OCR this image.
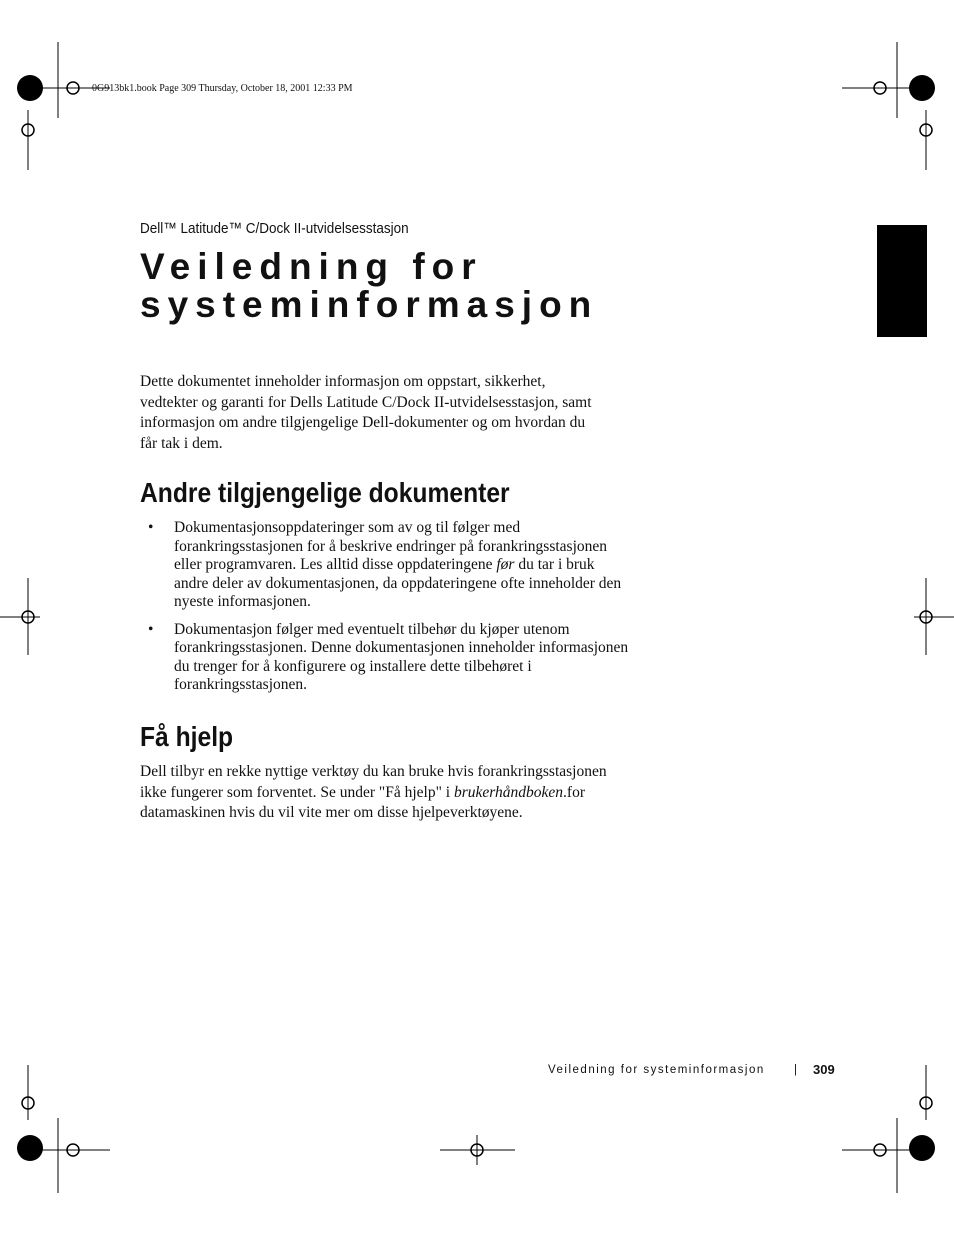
0G913bk1.book Page 309 Thursday, October 18, 2001 12:33 PM
Dell™ Latitude™ C/Dock II-utvidelsesstasjon
Veiledning for
systeminformasjon

Dette dokumentet inneholder informasjon om oppstart, sikkerhet, vedtekter og garanti for Dells Latitude C/Dock II-utvidelsesstasjon, samt informasjon om andre tilgjengelige Dell-dokumenter og om hvordan du får tak i dem.

Andre tilgjengelige dokumenter
• Dokumentasjonsoppdateringer som av og til følger med forankringsstasjonen for å beskrive endringer på forankringsstasjonen eller programvaren. Les alltid disse oppdateringene før du tar i bruk andre deler av dokumentasjonen, da oppdateringene ofte inneholder den nyeste informasjonen.
• Dokumentasjon følger med eventuelt tilbehør du kjøper utenom forankringsstasjonen. Denne dokumentasjonen inneholder informasjonen du trenger for å konfigurere og installere dette tilbehøret i forankringsstasjonen.
Få hjelp

Dell tilbyr en rekke nyttige verktøy du kan bruke hvis forankringsstasjonen ikke fungerer som forventet. Se under "Få hjelp" i brukerhåndboken.for datamaskinen hvis du vil vite mer om disse hjelpeverktøyene.

Veiledning for systeminformasjon	| 309
